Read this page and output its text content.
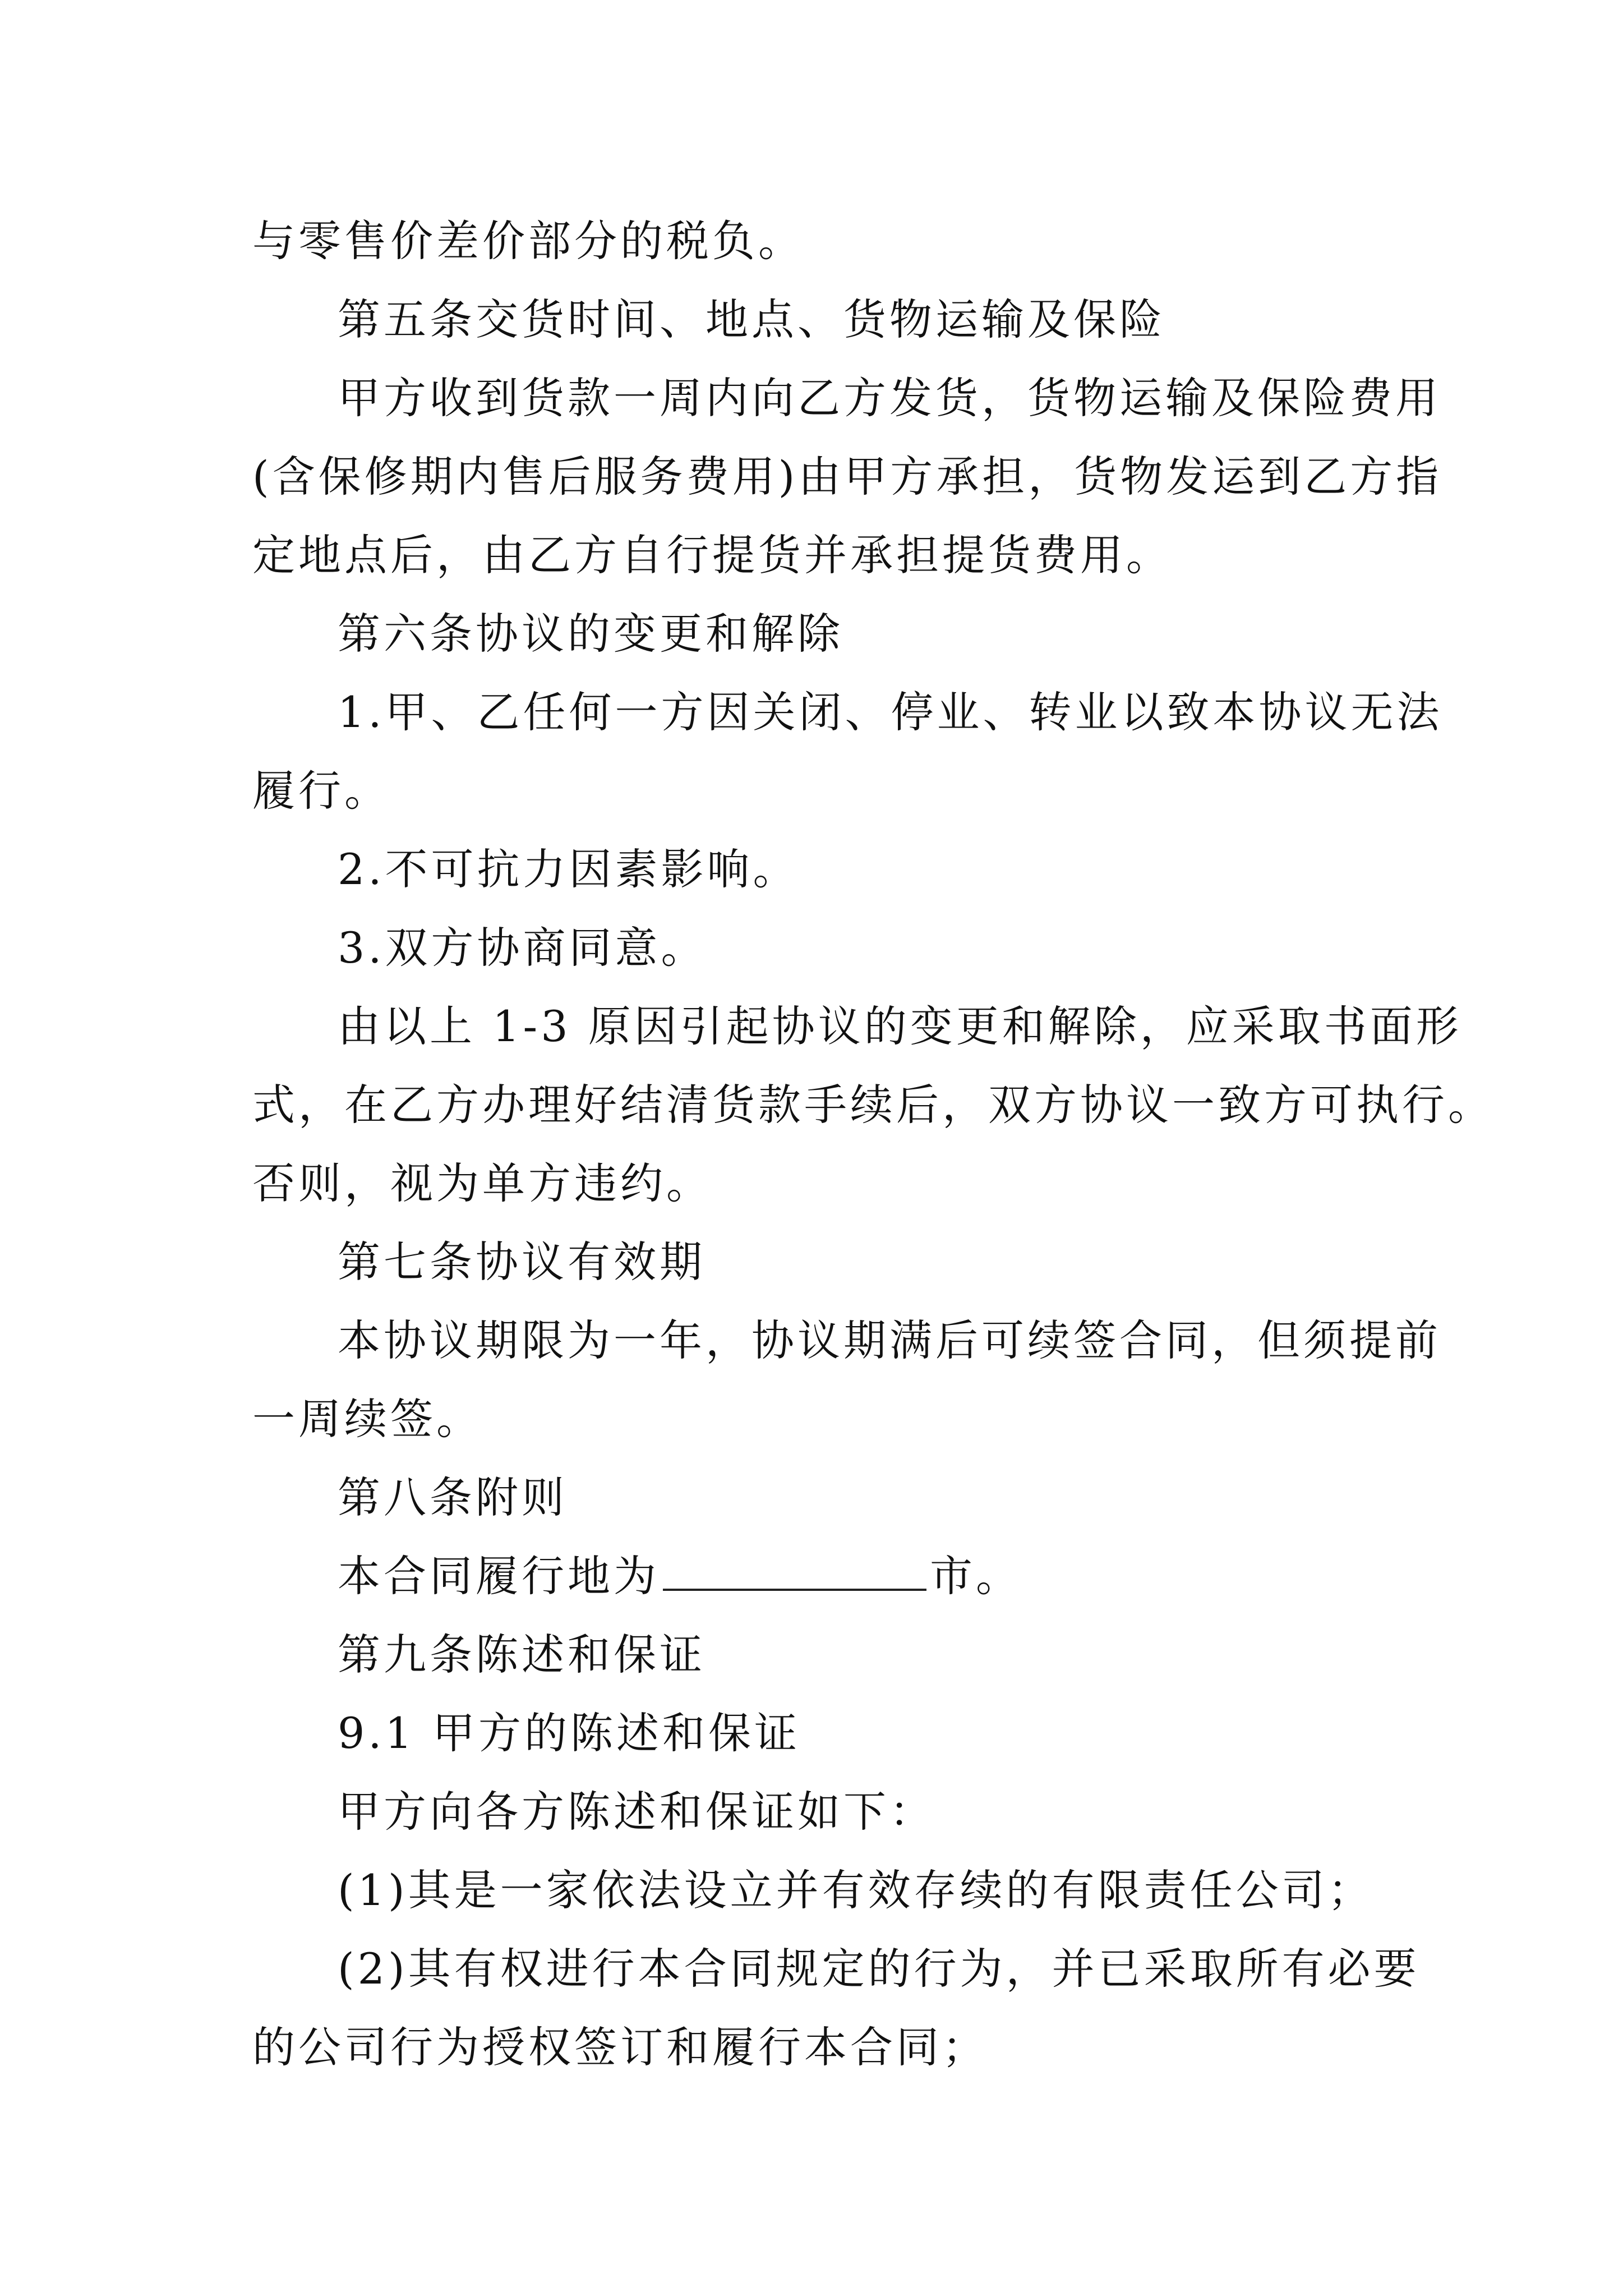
与零售价差价部分的税负。
第五条交货时间、地点、货物运输及保险
甲方收到货款一周内向乙方发货，货物运输及保险费用
(含保修期内售后服务费用)由甲方承担，货物发运到乙方指
定地点后，由乙方自行提货并承担提货费用。
第六条协议的变更和解除
1.甲、乙任何一方因关闭、停业、转业以致本协议无法
履行。
2.不可抗力因素影响。
3.双方协商同意。
由以上 1-3 原因引起协议的变更和解除，应采取书面形
式，在乙方办理好结清货款手续后，双方协议一致方可执行。
否则，视为单方违约。
第七条协议有效期
本协议期限为一年，协议期满后可续签合同，但须提前
一周续签。
第八条附则
本合同履行地为	市。
第九条陈述和保证
9.1 甲方的陈述和保证
甲方向各方陈述和保证如下：
(1)其是一家依法设立并有效存续的有限责任公司；
(2)其有权进行本合同规定的行为，并已采取所有必要
的公司行为授权签订和履行本合同；
